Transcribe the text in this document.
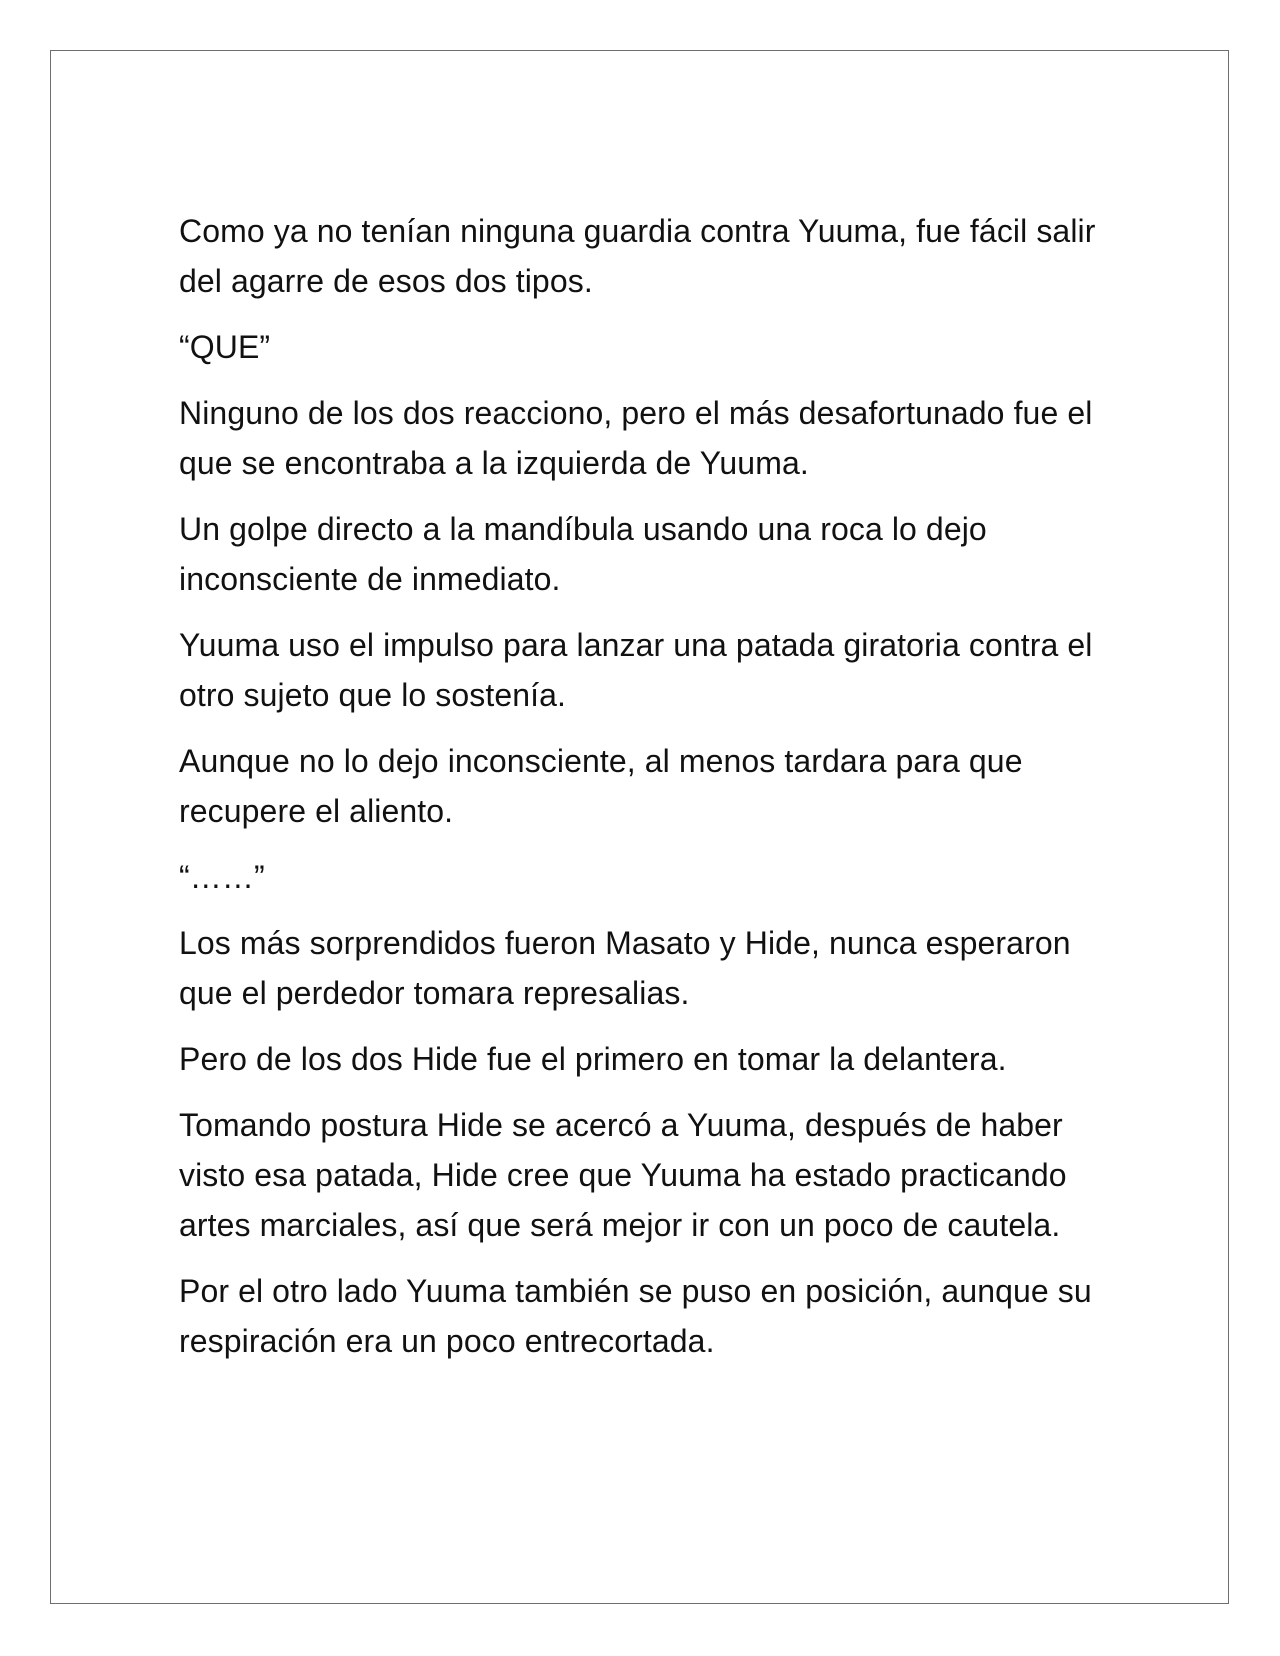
Como ya no tenían ninguna guardia contra Yuuma, fue fácil salir del agarre de esos dos tipos.

“QUE”

Ninguno de los dos reacciono, pero el más desafortunado fue el que se encontraba a la izquierda de Yuuma.

Un golpe directo a la mandíbula usando una roca lo dejo inconsciente de inmediato.

Yuuma uso el impulso para lanzar una patada giratoria contra el otro sujeto que lo sostenía.

Aunque no lo dejo inconsciente, al menos tardara para que recupere el aliento.

“……”

Los más sorprendidos fueron Masato y Hide, nunca esperaron que el perdedor tomara represalias.

Pero de los dos Hide fue el primero en tomar la delantera.

Tomando postura Hide se acercó a Yuuma, después de haber visto esa patada, Hide cree que Yuuma ha estado practicando artes marciales, así que será mejor ir con un poco de cautela.

Por el otro lado Yuuma también se puso en posición, aunque su respiración era un poco entrecortada.
